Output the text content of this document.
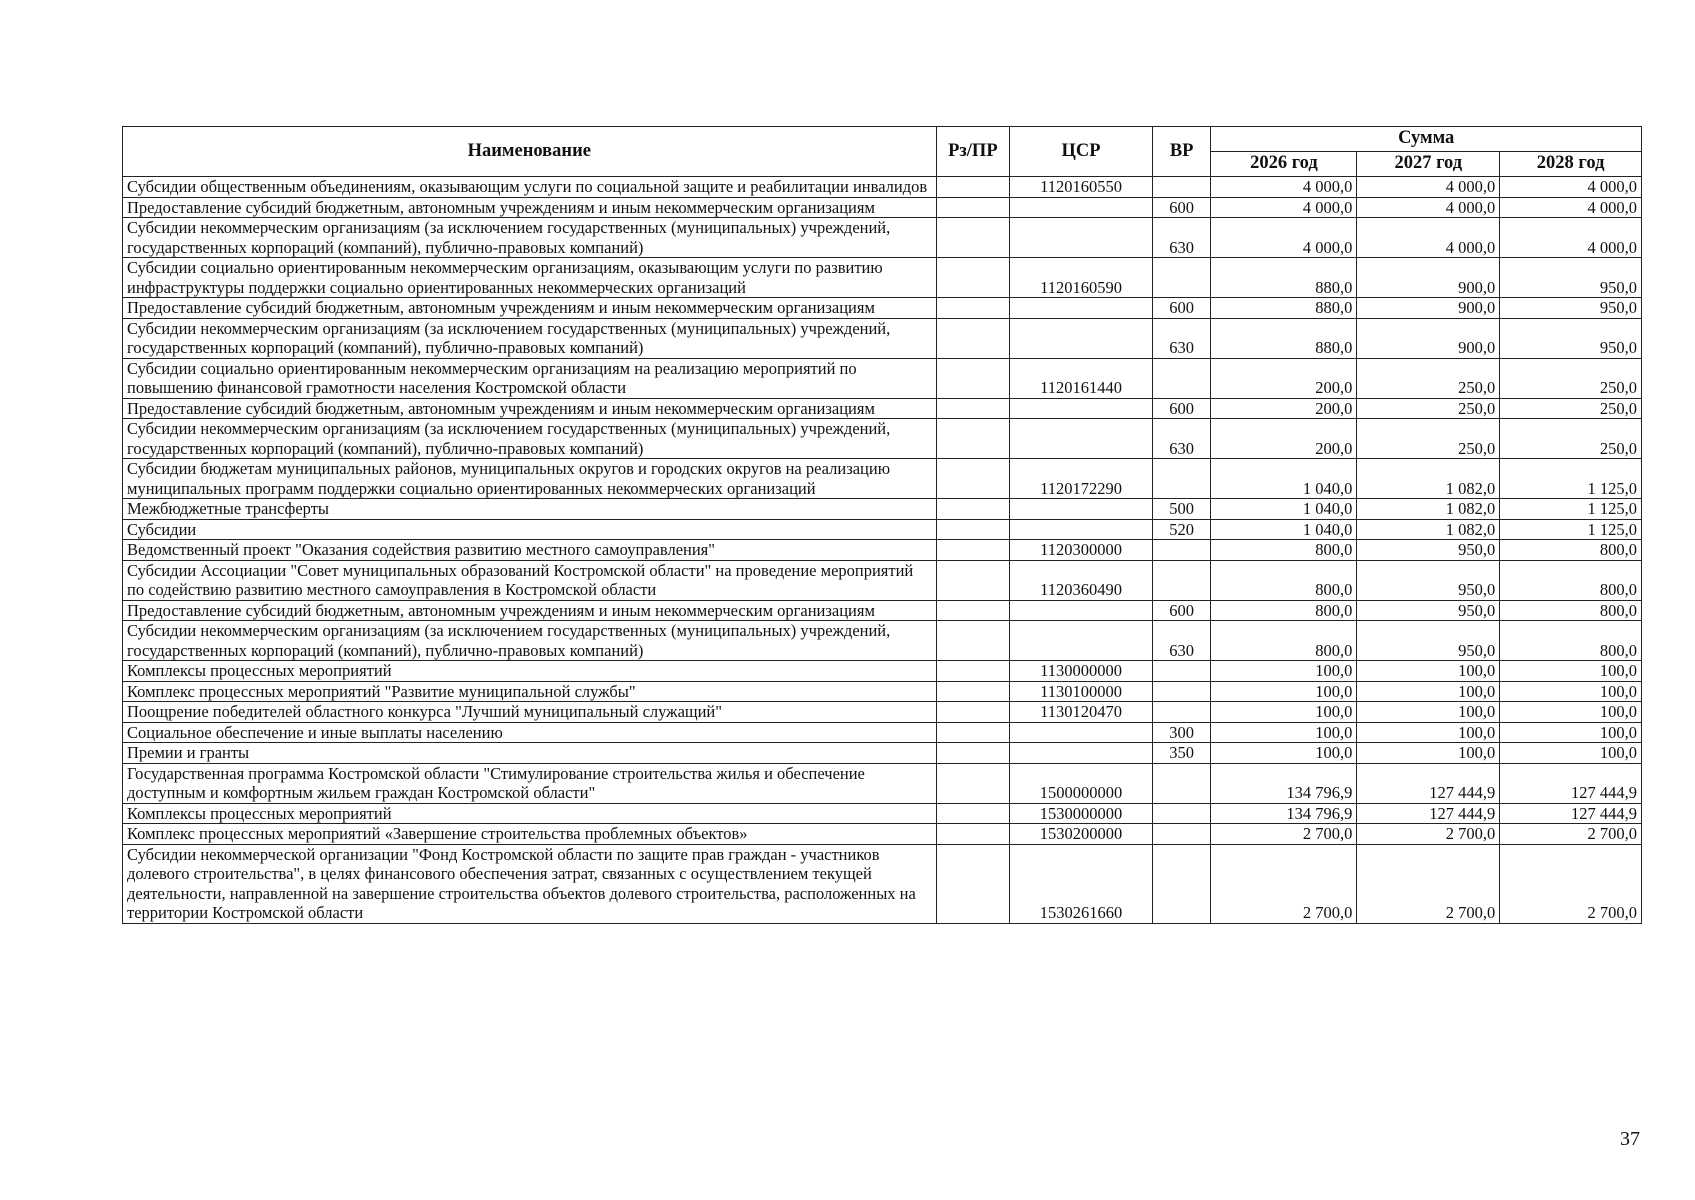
Наименование	Рз/ПР	ЦСР	ВР	Сумма		
				2026 год	2027 год	2028 год
Субсидии общественным объединениям, оказывающим услуги по социальной защите и реабилитации инвалидов		1120160550		4 000,0	4 000,0	4 000,0
Предоставление субсидий бюджетным, автономным учреждениям и иным некоммерческим организациям			600	4 000,0	4 000,0	4 000,0
Субсидии некоммерческим организациям (за исключением государственных (муниципальных) учреждений, государственных корпораций (компаний), публично-правовых компаний)			630	4 000,0	4 000,0	4 000,0
Субсидии социально ориентированным некоммерческим организациям, оказывающим услуги по развитию инфраструктуры поддержки социально ориентированных некоммерческих организаций		1120160590		880,0	900,0	950,0
Предоставление субсидий бюджетным, автономным учреждениям и иным некоммерческим организациям			600	880,0	900,0	950,0
Субсидии некоммерческим организациям (за исключением государственных (муниципальных) учреждений, государственных корпораций (компаний), публично-правовых компаний)			630	880,0	900,0	950,0
Субсидии социально ориентированным некоммерческим организациям на реализацию мероприятий по повышению финансовой грамотности населения Костромской области		1120161440		200,0	250,0	250,0
Предоставление субсидий бюджетным, автономным учреждениям и иным некоммерческим организациям			600	200,0	250,0	250,0
Субсидии некоммерческим организациям (за исключением государственных (муниципальных) учреждений, государственных корпораций (компаний), публично-правовых компаний)			630	200,0	250,0	250,0
Субсидии бюджетам муниципальных районов, муниципальных округов и городских округов на реализацию муниципальных программ поддержки социально ориентированных некоммерческих организаций		1120172290		1 040,0	1 082,0	1 125,0
Межбюджетные трансферты			500	1 040,0	1 082,0	1 125,0
Субсидии			520	1 040,0	1 082,0	1 125,0
Ведомственный проект "Оказания содействия развитию местного самоуправления"		1120300000		800,0	950,0	800,0
Субсидии Ассоциации "Совет муниципальных образований Костромской области" на проведение мероприятий по содействию развитию местного самоуправления в Костромской области		1120360490		800,0	950,0	800,0
Предоставление субсидий бюджетным, автономным учреждениям и иным некоммерческим организациям			600	800,0	950,0	800,0
Субсидии некоммерческим организациям (за исключением государственных (муниципальных) учреждений, государственных корпораций (компаний), публично-правовых компаний)			630	800,0	950,0	800,0
Комплексы процессных мероприятий		1130000000		100,0	100,0	100,0
Комплекс процессных мероприятий "Развитие муниципальной службы"		1130100000		100,0	100,0	100,0
Поощрение победителей областного конкурса "Лучший муниципальный служащий"		1130120470		100,0	100,0	100,0
Социальное обеспечение и иные выплаты населению			300	100,0	100,0	100,0
Премии и гранты			350	100,0	100,0	100,0
Государственная программа Костромской области "Стимулирование строительства жилья и обеспечение доступным и комфортным жильем граждан Костромской области"		1500000000		134 796,9	127 444,9	127 444,9
Комплексы процессных мероприятий		1530000000		134 796,9	127 444,9	127 444,9
Комплекс процессных мероприятий «Завершение строительства проблемных объектов»		1530200000		2 700,0	2 700,0	2 700,0
Субсидии некоммерческой организации "Фонд Костромской области по защите прав граждан - участников долевого строительства", в целях финансового обеспечения затрат, связанных с осуществлением текущей деятельности, направленной на завершение строительства объектов долевого строительства, расположенных на территории Костромской области		1530261660		2 700,0	2 700,0	2 700,0
37
